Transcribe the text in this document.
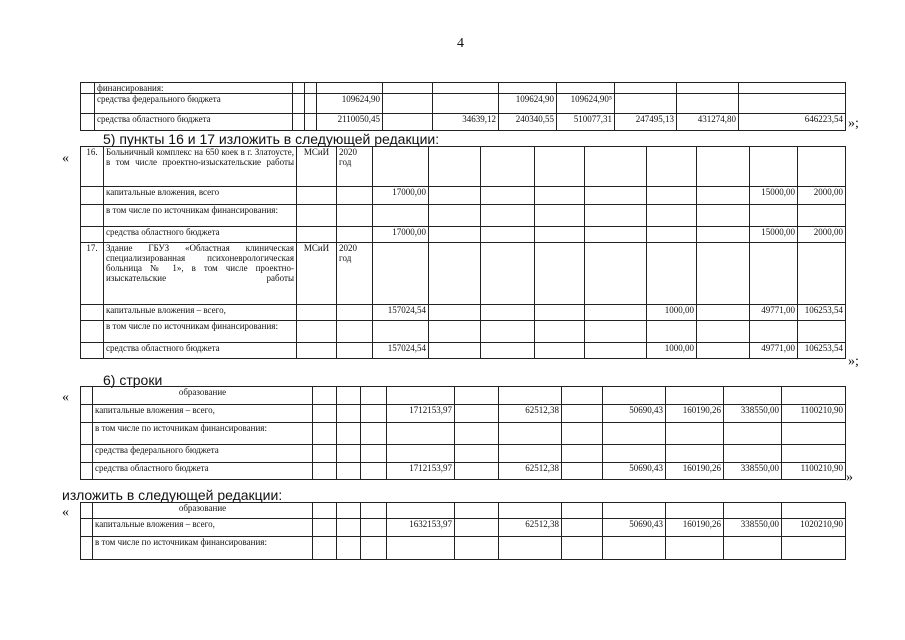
4
	финансирования:										
	средства федерального бюджета			109624,90			109624,90	109624,90⁵			
	средства областного бюджета			2110050,45		34639,12	240340,55	510077,31	247495,13	431274,80	646223,54 »;
5) пункты 16 и 17 изложить в следующей редакции:
« 16.	Больничный комплекс на 650 коек в г. Златоусте, в том числе проектно-изыскательские работы	МСиИ	2020 год									
	капитальные вложения, всего			17000,00							15000,00	2000,00
	в том числе по источникам финансирования:											
	средства областного бюджета			17000,00							15000,00	2000,00
17.	Здание ГБУЗ «Областная клиническая специализированная психоневрологическая больница № 1», в том числе проектно-изыскательские работы	МСиИ	2020 год									
	капитальные вложения – всего,			157024,54					1000,00		49771,00	106253,54
	в том числе по источникам финансирования:											
	средства областного бюджета			157024,54					1000,00		49771,00	106253,54
»;
6) строки
«
		образование											
	капитальные вложения – всего,				1712153,97		62512,38		50690,43	160190,26	338550,00	1100210,90
	в том числе по источникам финансирования:											
	средства федерального бюджета											
	средства областного бюджета				1712153,97		62512,38		50690,43	160190,26	338550,00	1100210,90
»
изложить в следующей редакции:
«
		образование											
	капитальные вложения – всего,				1632153,97		62512,38		50690,43	160190,26	338550,00	1020210,90
	в том числе по источникам финансирования:											
